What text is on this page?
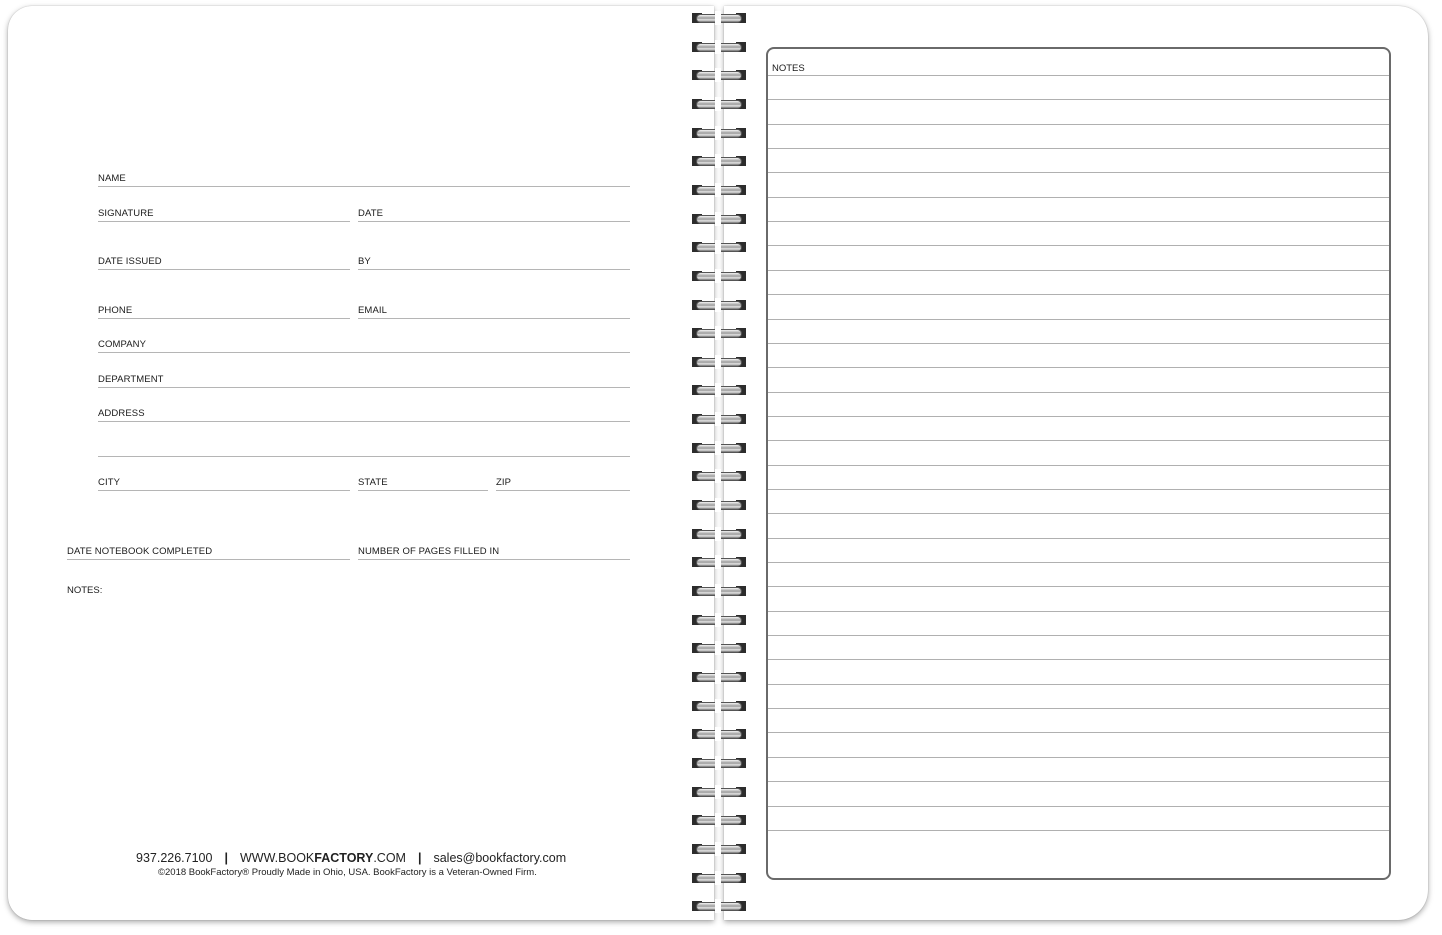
NAME
SIGNATURE	DATE
DATE ISSUED	BY
PHONE	EMAIL
COMPANY
DEPARTMENT
ADDRESS
CITY	STATE	ZIP
DATE NOTEBOOK COMPLETED	NUMBER OF PAGES FILLED IN
NOTES:
937.226.7100 | WWW.BOOKFACTORY.COM | sales@bookfactory.com
©2018 BookFactory® Proudly Made in Ohio, USA. BookFactory is a Veteran-Owned Firm.
NOTES
